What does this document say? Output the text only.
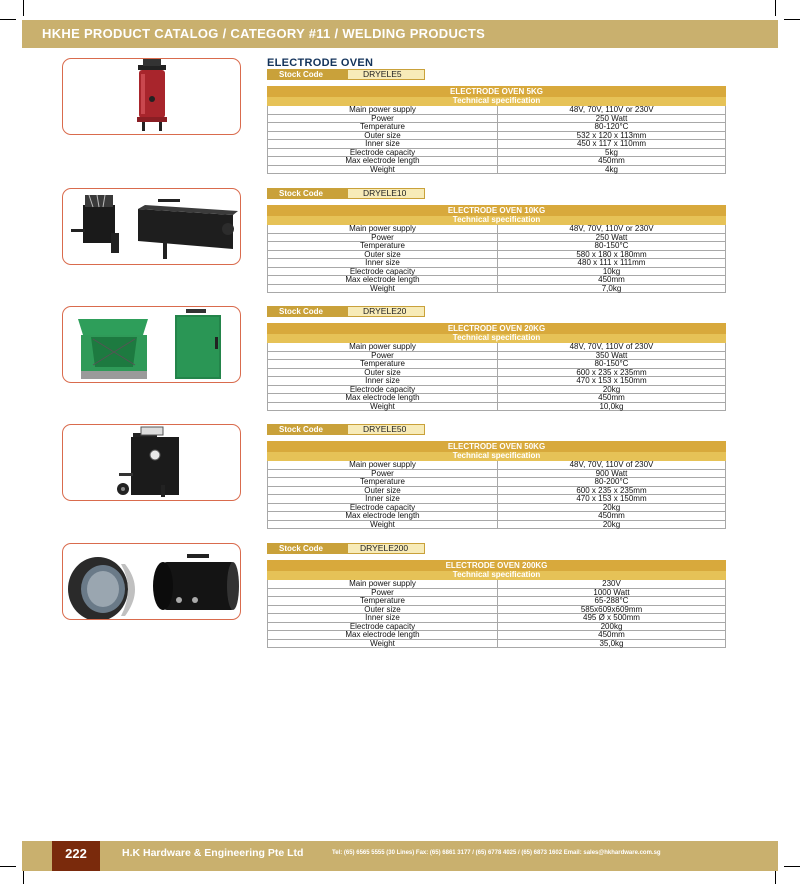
HKHE PRODUCT CATALOG / CATEGORY #11 / WELDING PRODUCTS
ELECTRODE OVEN
Stock Code	DRYELE5
ELECTRODE OVEN 5KG	
Technical specification	
Main power supply	48V, 70V, 110V or 230V
Power	250 Watt
Temperature	80-120°C
Outer size	532 x 120 x 113mm
Inner size	450 x 117 x 110mm
Electrode capacity	5kg
Max electrode length	450mm
Weight	4kg
Stock Code	DRYELE10
ELECTRODE OVEN 10KG	
Technical specification	
Main power supply	48V, 70V, 110V or 230V
Power	250 Watt
Temperature	80-150°C
Outer size	580 x 180 x 180mm
Inner size	480 x 111 x 111mm
Electrode capacity	10kg
Max electrode length	450mm
Weight	7,0kg
Stock Code	DRYELE20
ELECTRODE OVEN 20KG	
Technical specification	
Main power supply	48V, 70V, 110V of 230V
Power	350 Watt
Temperature	80-150°C
Outer size	600 x 235 x 235mm
Inner size	470 x 153 x 150mm
Electrode capacity	20kg
Max electrode length	450mm
Weight	10,0kg
Stock Code	DRYELE50
ELECTRODE OVEN 50KG	
Technical specification	
Main power supply	48V, 70V, 110V of 230V
Power	900 Watt
Temperature	80-200°C
Outer size	600 x 235 x 235mm
Inner size	470 x 153 x 150mm
Electrode capacity	20kg
Max electrode length	450mm
Weight	20kg
Stock Code	DRYELE200
ELECTRODE OVEN 200KG	
Technical specification	
Main power supply	230V
Power	1000 Watt
Temperature	65-288°C
Outer size	585x609x609mm
Inner size	495 Ø x 500mm
Electrode capacity	200kg
Max electrode length	450mm
Weight	35,0kg
222	H.K Hardware & Engineering Pte Ltd	Tel: (65) 6565 5555 (30 Lines) Fax: (65) 6861 3177 / (65) 6778 4025 / (65) 6873 1602 Email: sales@hkhardware.com.sg
